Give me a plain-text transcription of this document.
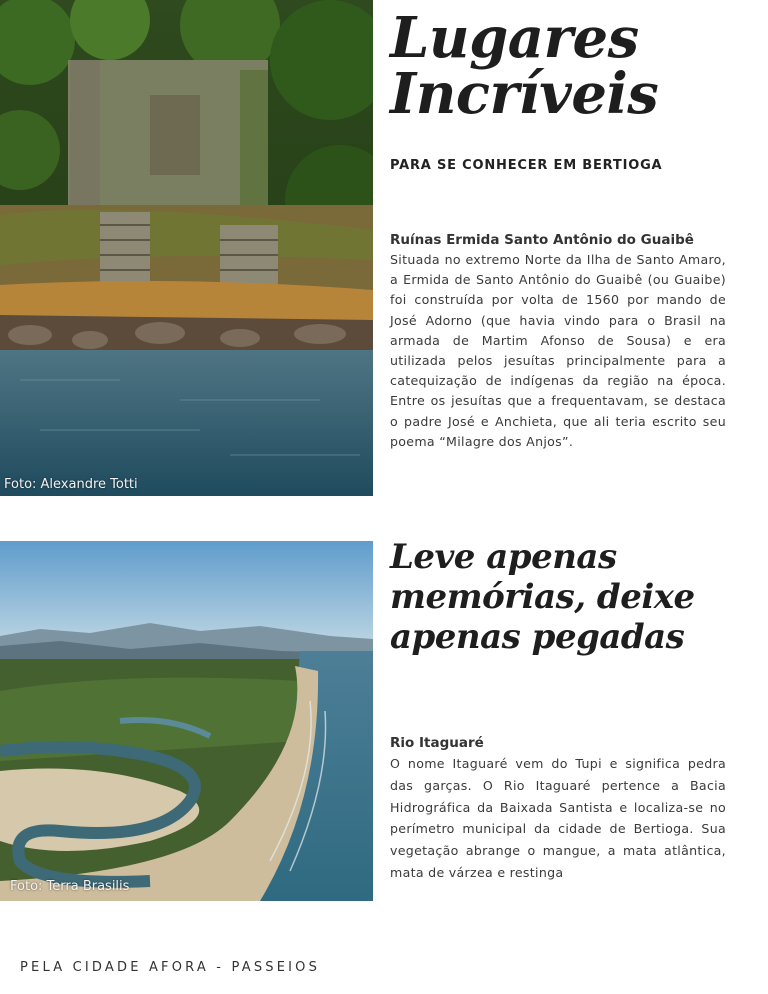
Foto: Alexandre Totti
Lugares
Incríveis

PARA SE CONHECER EM BERTIOGA

Ruínas Ermida Santo Antônio do Guaibê

Situada no extremo Norte da Ilha de Santo Amaro, a Ermida de Santo Antônio do Guaibê (ou Guaibe) foi construída por volta de 1560 por mando de José Adorno (que havia vindo para o Brasil na armada de Martim Afonso de Sousa) e era utilizada pelos jesuítas principalmente para a catequização de indígenas da região na época. Entre os jesuítas que a frequentavam, se destaca o padre José e Anchieta, que ali teria escrito seu poema “Milagre dos Anjos”.

Foto: Terra Brasilis
Leve apenas
memórias, deixe
apenas pegadas

Rio Itaguaré

O nome Itaguaré vem do Tupi e significa pedra das garças. O Rio Itaguaré pertence a Bacia Hidrográfica da Baixada Santista e localiza-se no perímetro municipal da cidade de Bertioga. Sua vegetação abrange o mangue, a mata atlântica, mata de várzea e restinga

PELA CIDADE AFORA - PASSEIOS
